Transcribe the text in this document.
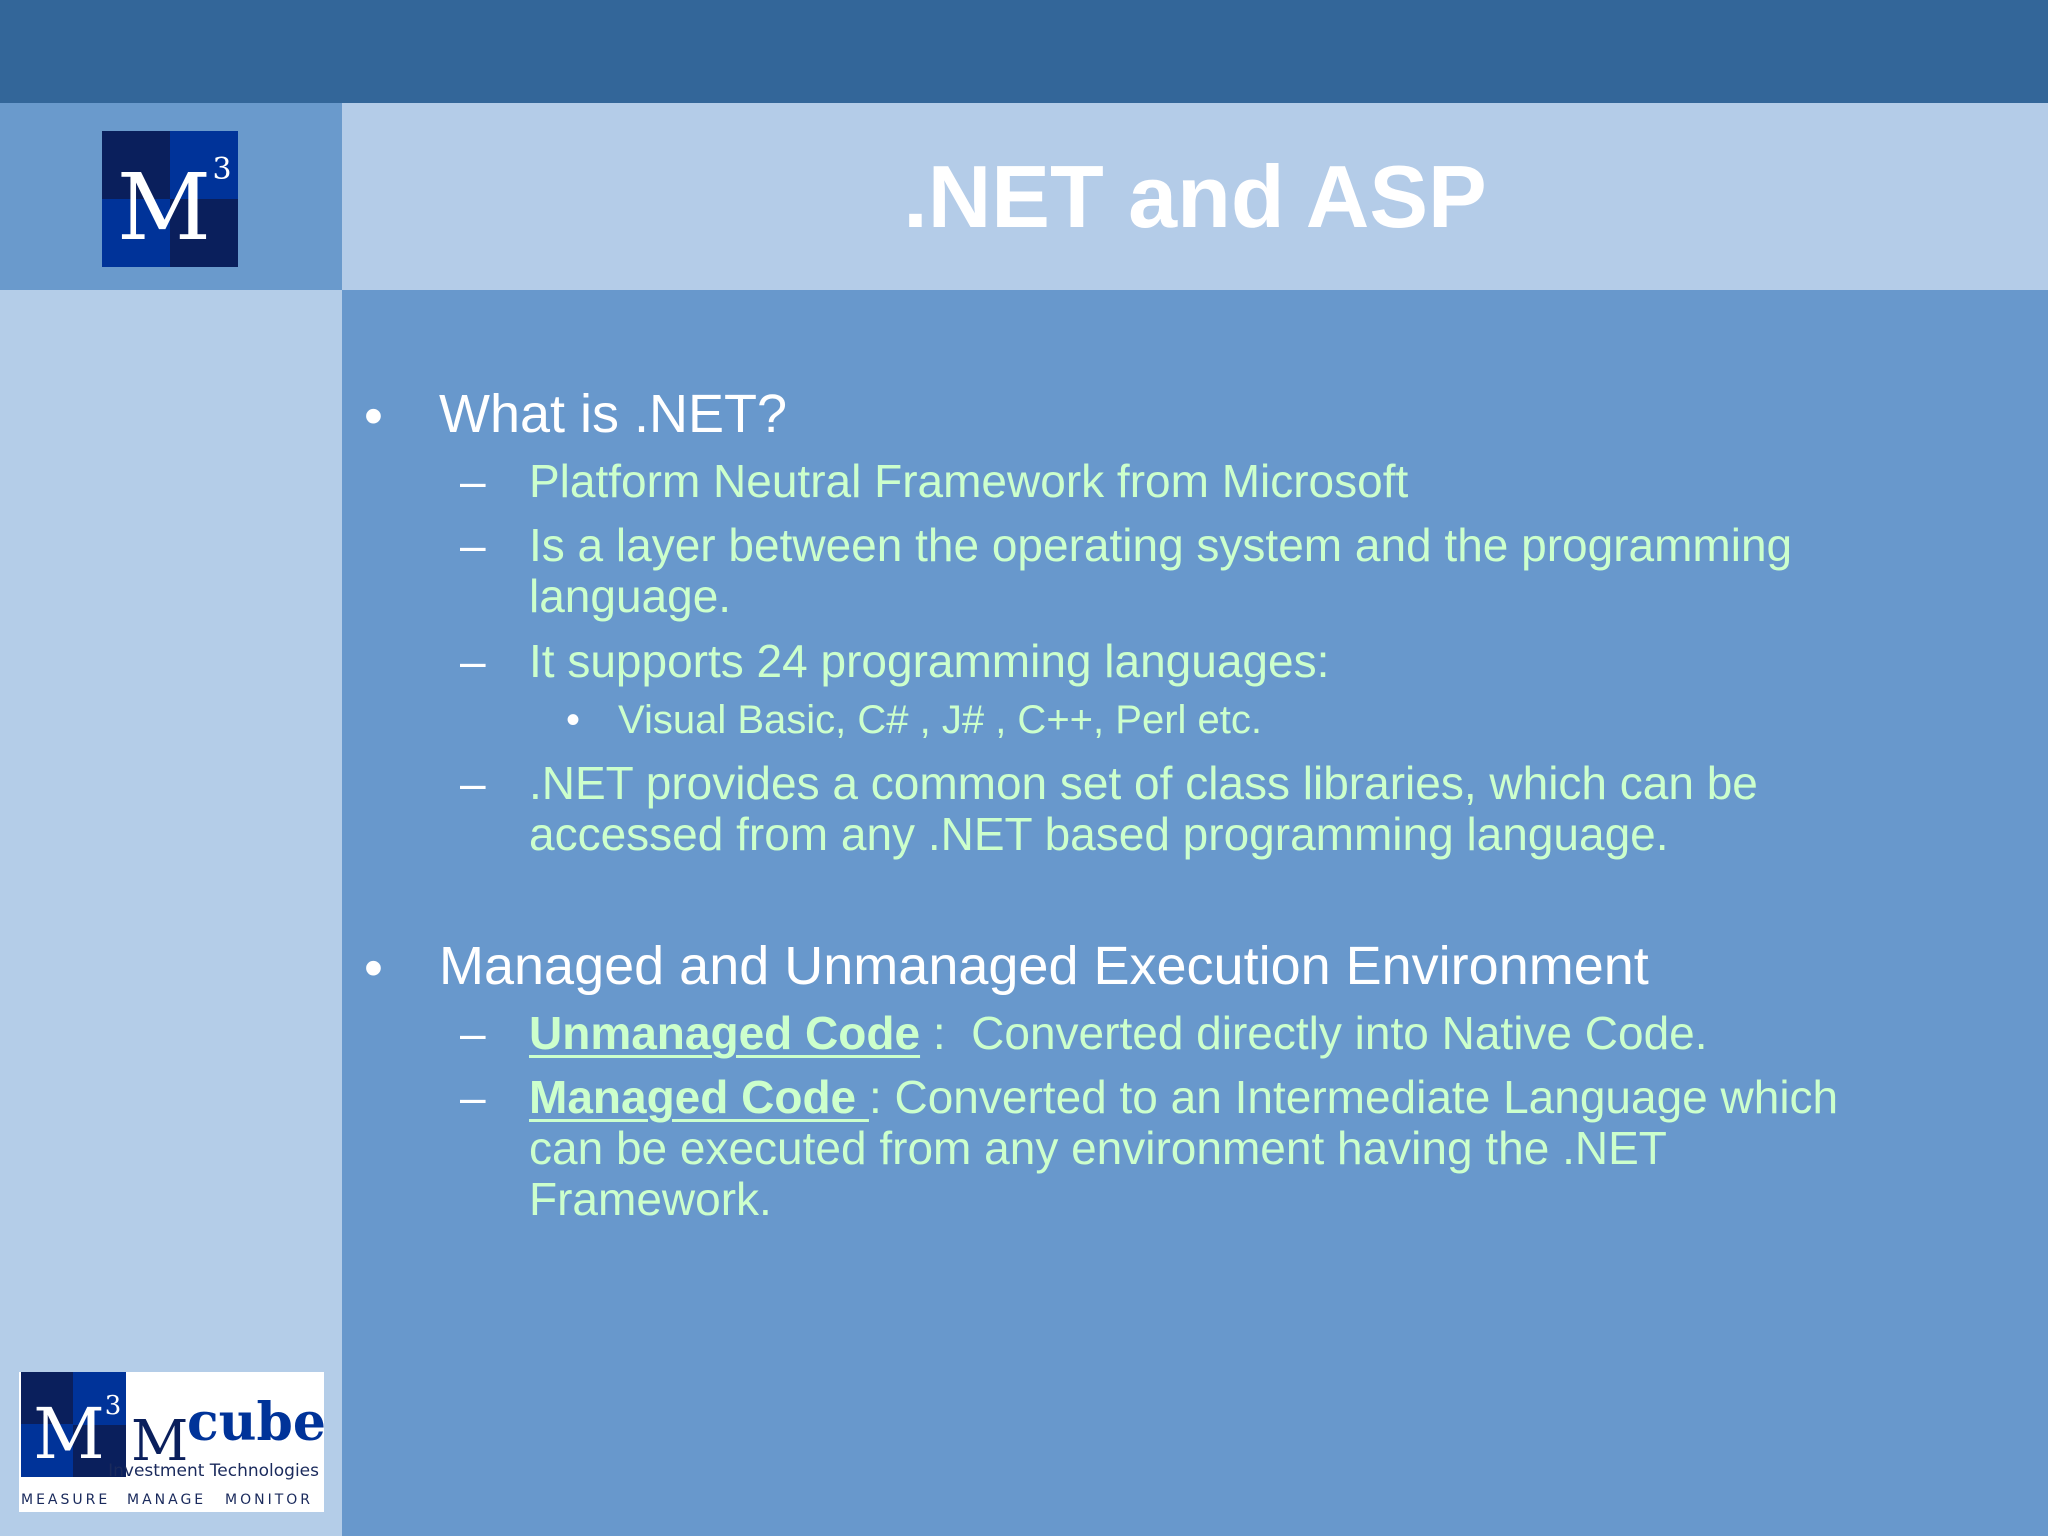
M 3	.NET and ASP
• What is .NET?
– Platform Neutral Framework from Microsoft
– Is a layer between the operating system and the programming
language.
– It supports 24 programming languages:
• Visual Basic, C# , J# , C++, Perl etc.
– .NET provides a common set of class libraries, which can be
accessed from any .NET based programming language.
• Managed and Unmanaged Execution Environment
– Unmanaged Code :  Converted directly into Native Code.
– Managed Code : Converted to an Intermediate Language which
can be executed from any environment having the .NET
Framework.
M 3
M
cube
Investment Technologies
MEASURE MANAGE MONITOR
